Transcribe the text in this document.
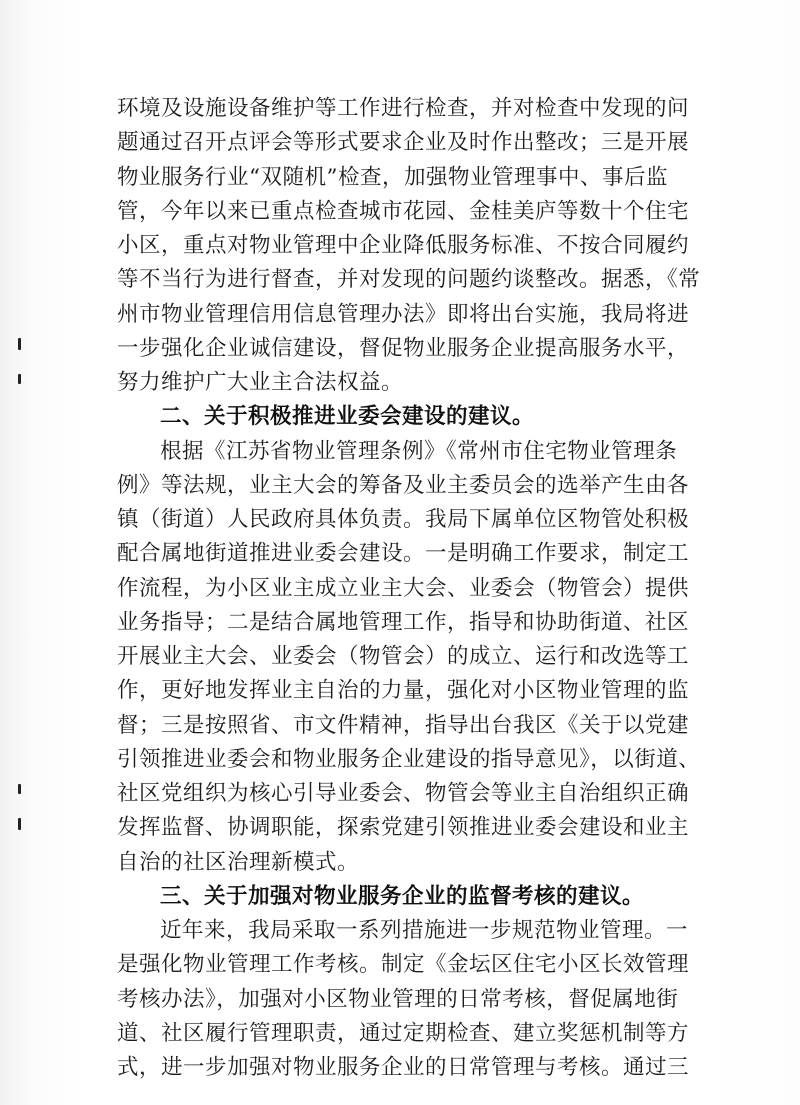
环境及设施设备维护等工作进行检查，并对检查中发现的问
题通过召开点评会等形式要求企业及时作出整改；三是开展
物业服务行业“双随机”检查，加强物业管理事中、事后监
管，今年以来已重点检查城市花园、金桂美庐等数十个住宅
小区，重点对物业管理中企业降低服务标准、不按合同履约
等不当行为进行督查，并对发现的问题约谈整改。据悉，《常
州市物业管理信用信息管理办法》即将出台实施，我局将进
一步强化企业诚信建设，督促物业服务企业提高服务水平，
努力维护广大业主合法权益。
二、关于积极推进业委会建设的建议。
根据《江苏省物业管理条例》《常州市住宅物业管理条
例》等法规，业主大会的筹备及业主委员会的选举产生由各
镇（街道）人民政府具体负责。我局下属单位区物管处积极
配合属地街道推进业委会建设。一是明确工作要求，制定工
作流程，为小区业主成立业主大会、业委会（物管会）提供
业务指导；二是结合属地管理工作，指导和协助街道、社区
开展业主大会、业委会（物管会）的成立、运行和改选等工
作，更好地发挥业主自治的力量，强化对小区物业管理的监
督；三是按照省、市文件精神，指导出台我区《关于以党建
引领推进业委会和物业服务企业建设的指导意见》，以街道、
社区党组织为核心引导业委会、物管会等业主自治组织正确
发挥监督、协调职能，探索党建引领推进业委会建设和业主
自治的社区治理新模式。
三、关于加强对物业服务企业的监督考核的建议。
近年来，我局采取一系列措施进一步规范物业管理。一
是强化物业管理工作考核。制定《金坛区住宅小区长效管理
考核办法》，加强对小区物业管理的日常考核，督促属地街
道、社区履行管理职责，通过定期检查、建立奖惩机制等方
式，进一步加强对物业服务企业的日常管理与考核。通过三
